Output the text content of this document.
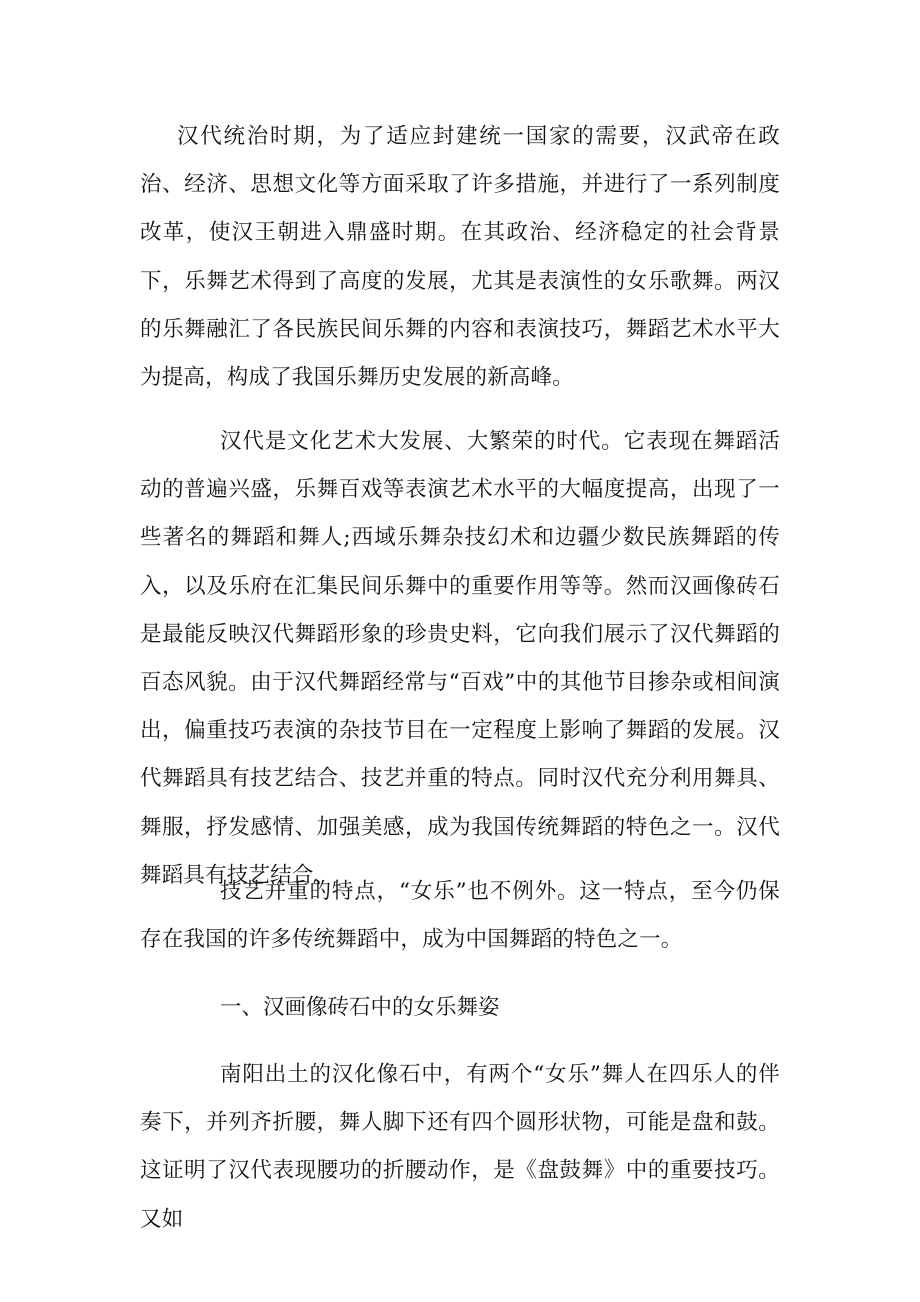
汉代统治时期，为了适应封建统一国家的需要，汉武帝在政治、经济、思想文化等方面采取了许多措施，并进行了一系列制度改革，使汉王朝进入鼎盛时期。在其政治、经济稳定的社会背景下，乐舞艺术得到了高度的发展，尤其是表演性的女乐歌舞。两汉的乐舞融汇了各民族民间乐舞的内容和表演技巧，舞蹈艺术水平大为提高，构成了我国乐舞历史发展的新高峰。

汉代是文化艺术大发展、大繁荣的时代。它表现在舞蹈活动的普遍兴盛，乐舞百戏等表演艺术水平的大幅度提高，出现了一些著名的舞蹈和舞人;西域乐舞杂技幻术和边疆少数民族舞蹈的传入，以及乐府在汇集民间乐舞中的重要作用等等。然而汉画像砖石是最能反映汉代舞蹈形象的珍贵史料，它向我们展示了汉代舞蹈的百态风貌。由于汉代舞蹈经常与“百戏”中的其他节目掺杂或相间演出，偏重技巧表演的杂技节目在一定程度上影响了舞蹈的发展。汉代舞蹈具有技艺结合、技艺并重的特点。同时汉代充分利用舞具、舞服，抒发感情、加强美感，成为我国传统舞蹈的特色之一。汉代舞蹈具有技艺结合、

技艺并重的特点，“女乐”也不例外。这一特点，至今仍保存在我国的许多传统舞蹈中，成为中国舞蹈的特色之一。

一、汉画像砖石中的女乐舞姿

南阳出土的汉化像石中，有两个“女乐”舞人在四乐人的伴奏下，并列齐折腰，舞人脚下还有四个圆形状物，可能是盘和鼓。这证明了汉代表现腰功的折腰动作，是《盘鼓舞》中的重要技巧。又如
